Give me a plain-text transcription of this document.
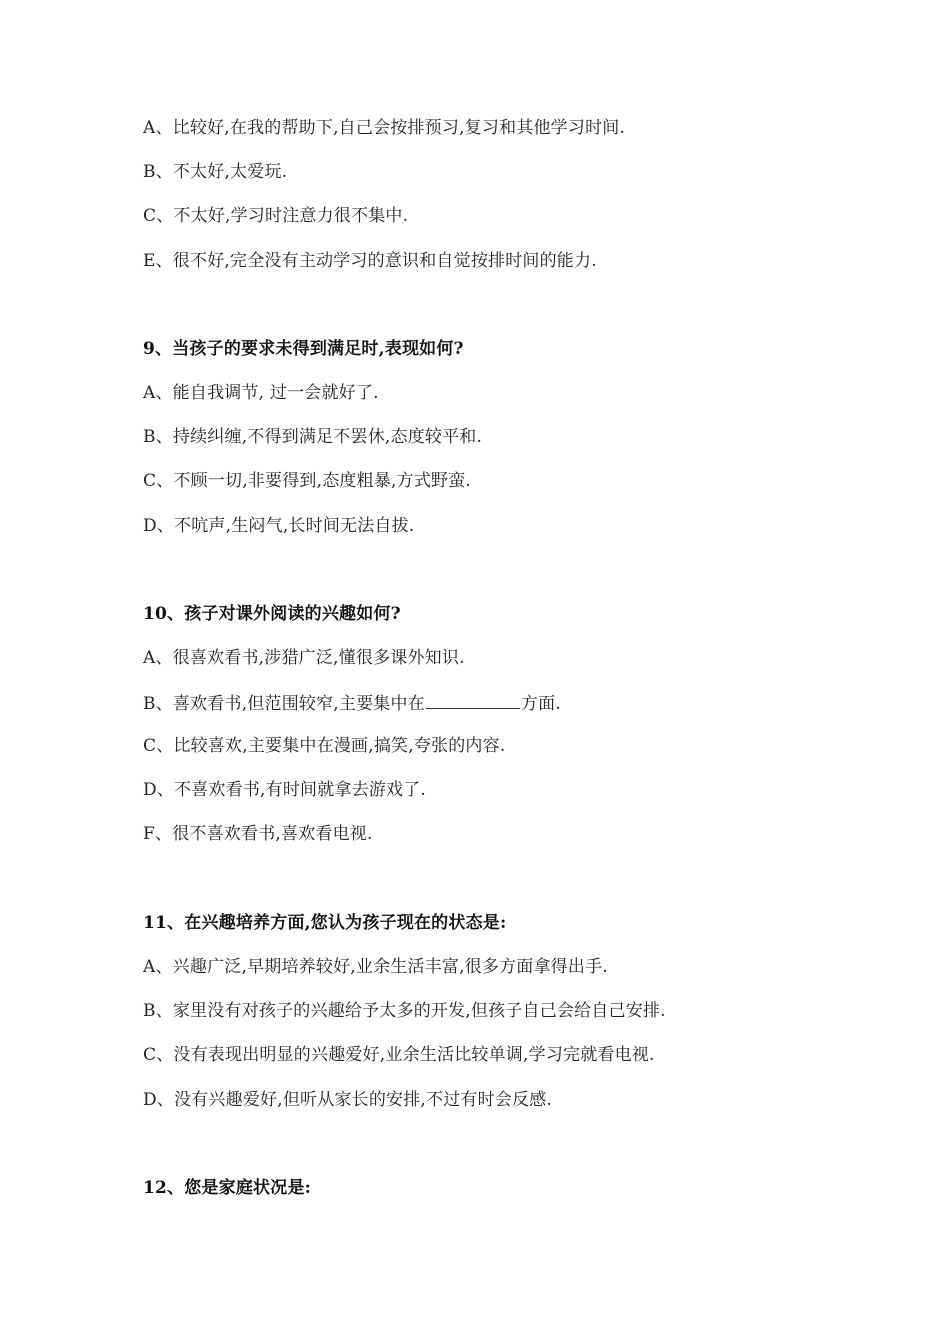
A、比较好,在我的帮助下,自己会按排预习,复习和其他学习时间.
B、不太好,太爱玩.
C、不太好,学习时注意力很不集中.
E、很不好,完全没有主动学习的意识和自觉按排时间的能力.
9、当孩子的要求未得到满足时,表现如何?
A、能自我调节, 过一会就好了.
B、持续纠缠,不得到满足不罢休,态度较平和.
C、不顾一切,非要得到,态度粗暴,方式野蛮.
D、不吭声,生闷气,长时间无法自拔.
10、孩子对课外阅读的兴趣如何?
A、很喜欢看书,涉猎广泛,懂很多课外知识.
B、喜欢看书,但范围较窄,主要集中在	方面.
C、比较喜欢,主要集中在漫画,搞笑,夸张的内容.
D、不喜欢看书,有时间就拿去游戏了.
F、很不喜欢看书,喜欢看电视.
11、在兴趣培养方面,您认为孩子现在的状态是:
A、兴趣广泛,早期培养较好,业余生活丰富,很多方面拿得出手.
B、家里没有对孩子的兴趣给予太多的开发,但孩子自己会给自己安排.
C、没有表现出明显的兴趣爱好,业余生活比较单调,学习完就看电视.
D、没有兴趣爱好,但听从家长的安排,不过有时会反感.
12、您是家庭状况是:
